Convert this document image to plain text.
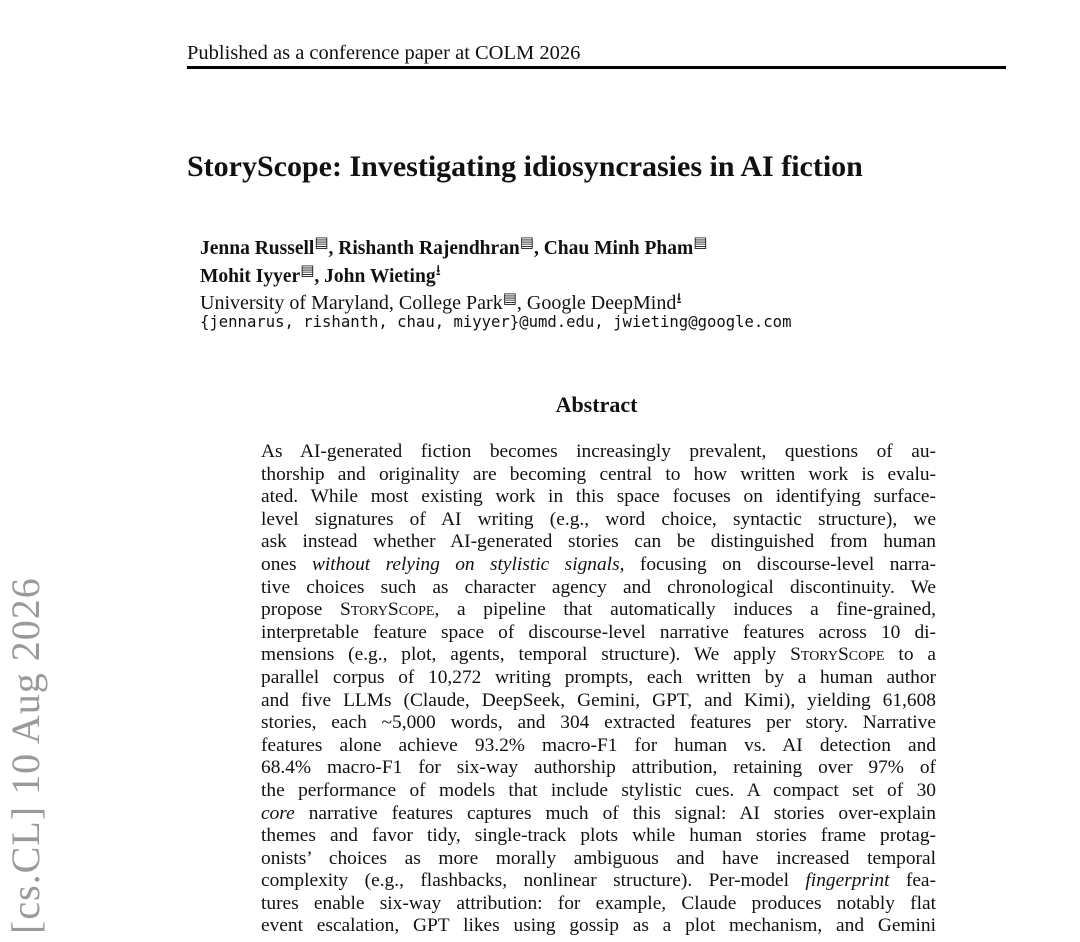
Published as a conference paper at COLM 2026
StoryScope: Investigating idiosyncrasies in AI fiction
Jenna Russell▤, Rishanth Rajendhran▤, Chau Minh Pham▤
Mohit Iyyer▤, John Wieting⭳
University of Maryland, College Park▤, Google DeepMind⭳
{jennarus, rishanth, chau, miyyer}@umd.edu, jwieting@google.com
Abstract
As AI-generated fiction becomes increasingly prevalent, questions of au-
thorship and originality are becoming central to how written work is evalu-
ated. While most existing work in this space focuses on identifying surface-
level signatures of AI writing (e.g., word choice, syntactic structure), we
ask instead whether AI-generated stories can be distinguished from human
ones without relying on stylistic signals, focusing on discourse-level narra-
tive choices such as character agency and chronological discontinuity. We
propose StoryScope, a pipeline that automatically induces a fine-grained,
interpretable feature space of discourse-level narrative features across 10 di-
mensions (e.g., plot, agents, temporal structure). We apply StoryScope to a
parallel corpus of 10,272 writing prompts, each written by a human author
and five LLMs (Claude, DeepSeek, Gemini, GPT, and Kimi), yielding 61,608
stories, each ~5,000 words, and 304 extracted features per story. Narrative
features alone achieve 93.2% macro-F1 for human vs. AI detection and
68.4% macro-F1 for six-way authorship attribution, retaining over 97% of
the performance of models that include stylistic cues. A compact set of 30
core narrative features captures much of this signal: AI stories over-explain
themes and favor tidy, single-track plots while human stories frame protag-
onists’ choices as more morally ambiguous and have increased temporal
complexity (e.g., flashbacks, nonlinear structure). Per-model fingerprint fea-
tures enable six-way attribution: for example, Claude produces notably flat
event escalation, GPT likes using gossip as a plot mechanism, and Gemini
[cs.CL] 10 Aug 2026
